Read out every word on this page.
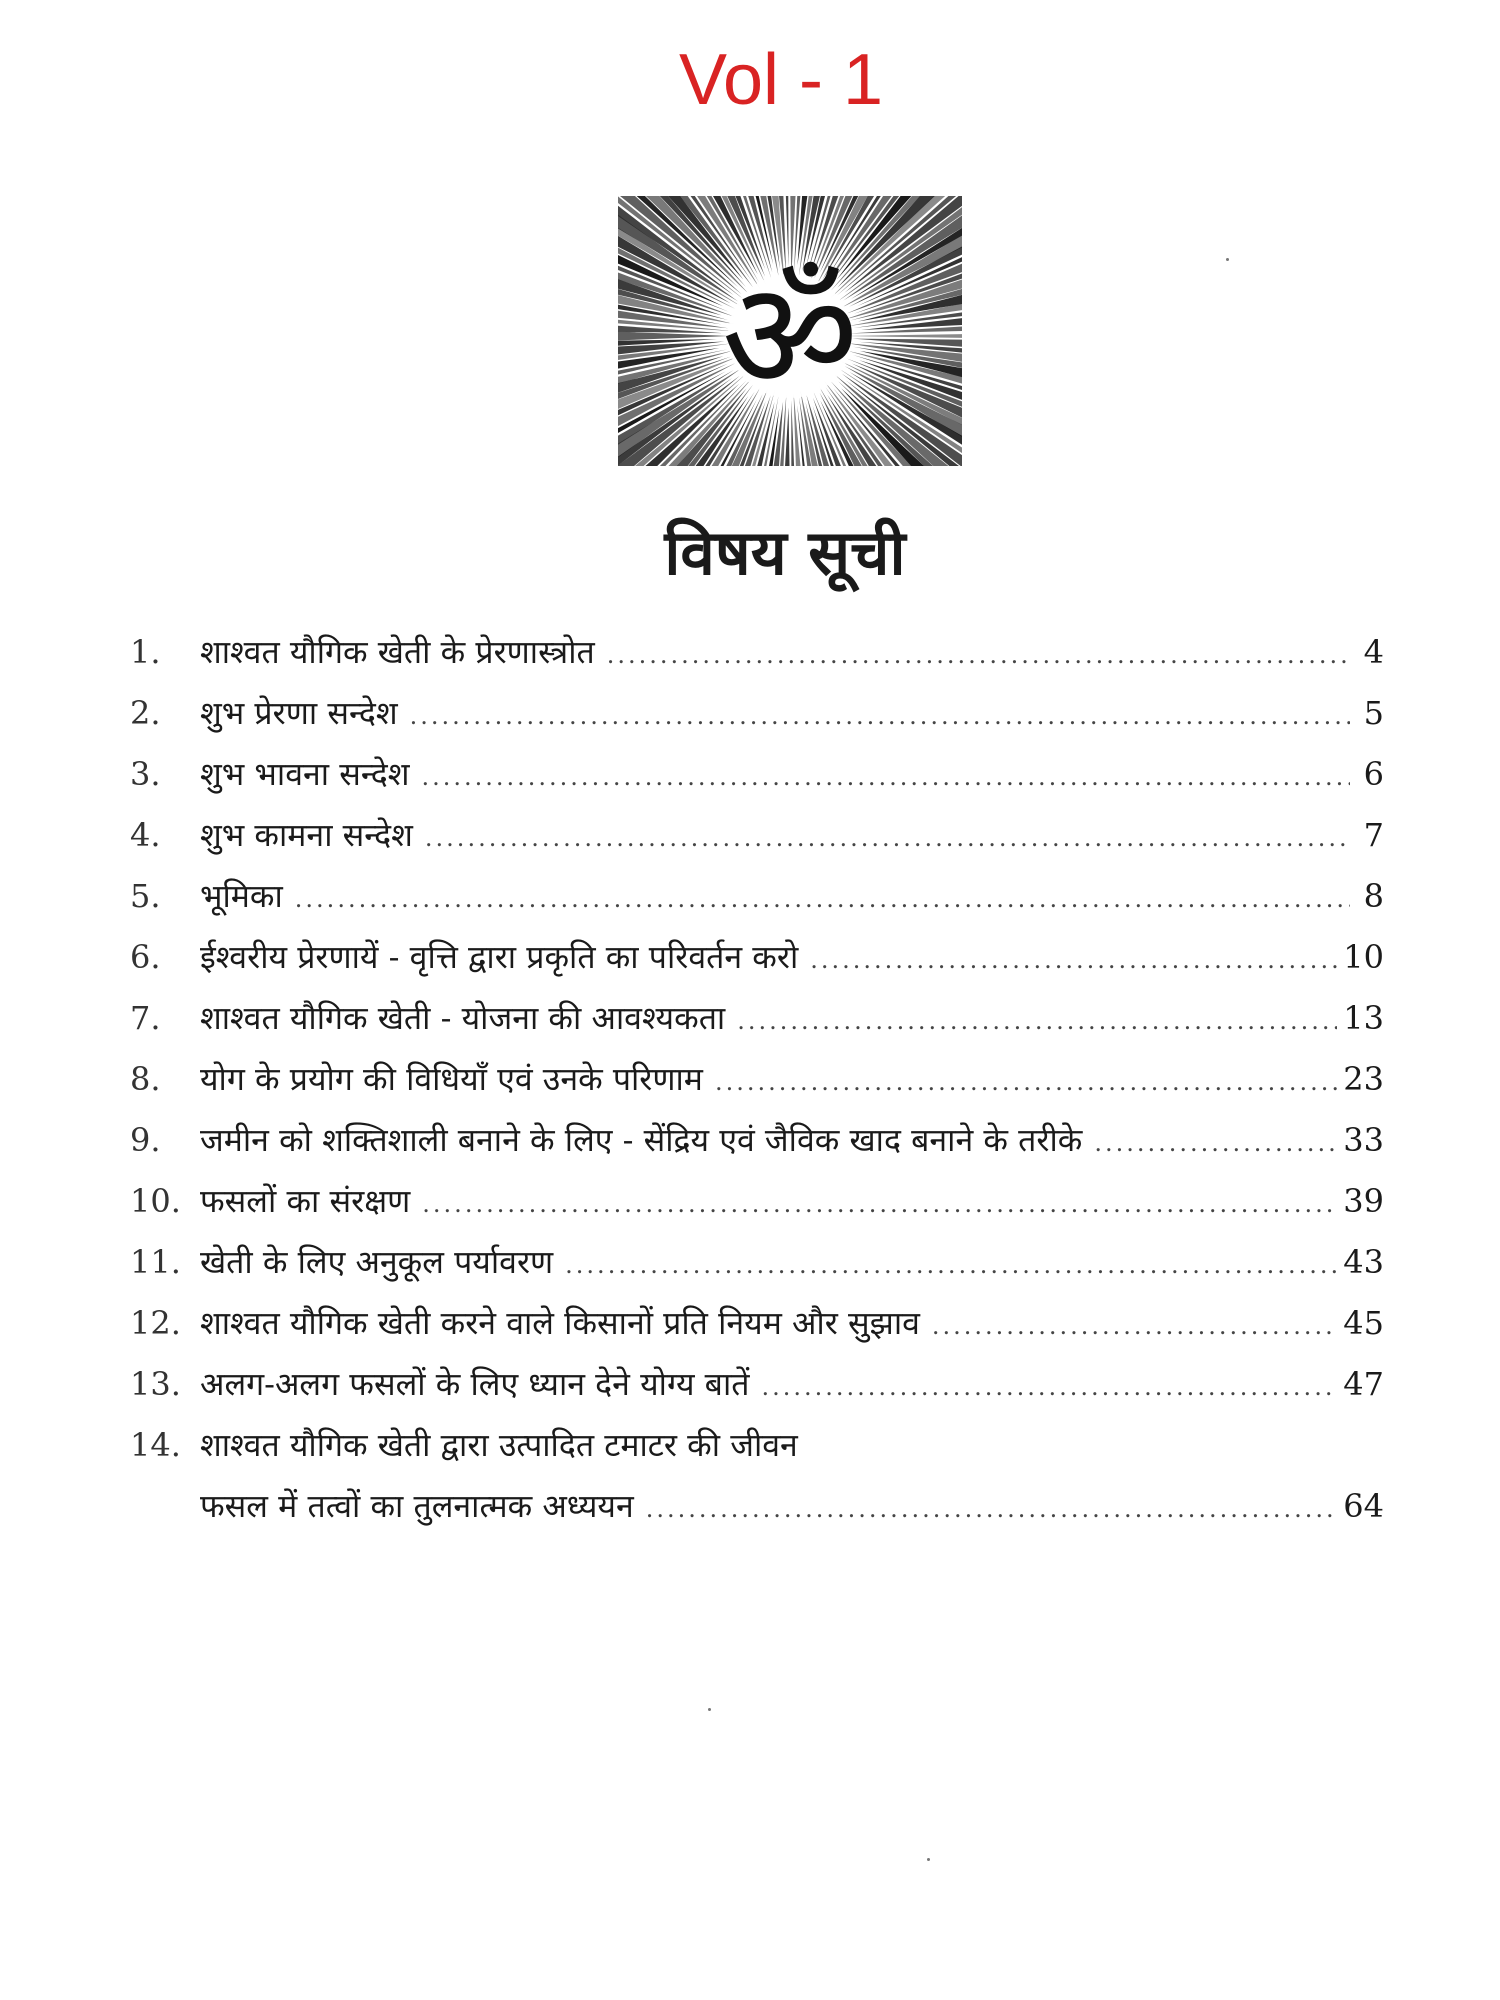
Vol - 1
ॐ
विषय सूची
1.	शाश्वत यौगिक खेती के प्रेरणास्त्रोत .....	4
2.	शुभ प्रेरणा सन्देश .....	5
3.	शुभ भावना सन्देश .....	6
4.	शुभ कामना सन्देश .....	7
5.	भूमिका .....	8
6.	ईश्वरीय प्रेरणायें - वृत्ति द्वारा प्रकृति का परिवर्तन करो .....	10
7.	शाश्वत यौगिक खेती - योजना की आवश्यकता .....	13
8.	योग के प्रयोग की विधियाँ एवं उनके परिणाम .....	23
9.	जमीन को शक्तिशाली बनाने के लिए - सेंद्रिय एवं जैविक खाद बनाने के तरीके .....	33
10. फसलों का संरक्षण .....	39
11. खेती के लिए अनुकूल पर्यावरण .....	43
12. शाश्वत यौगिक खेती करने वाले किसानों प्रति नियम और सुझाव .....	45
13. अलग-अलग फसलों के लिए ध्यान देने योग्य बातें .....	47
14. शाश्वत यौगिक खेती द्वारा उत्पादित टमाटर की जीवन
फसल में तत्वों का तुलनात्मक अध्ययन .....	64
